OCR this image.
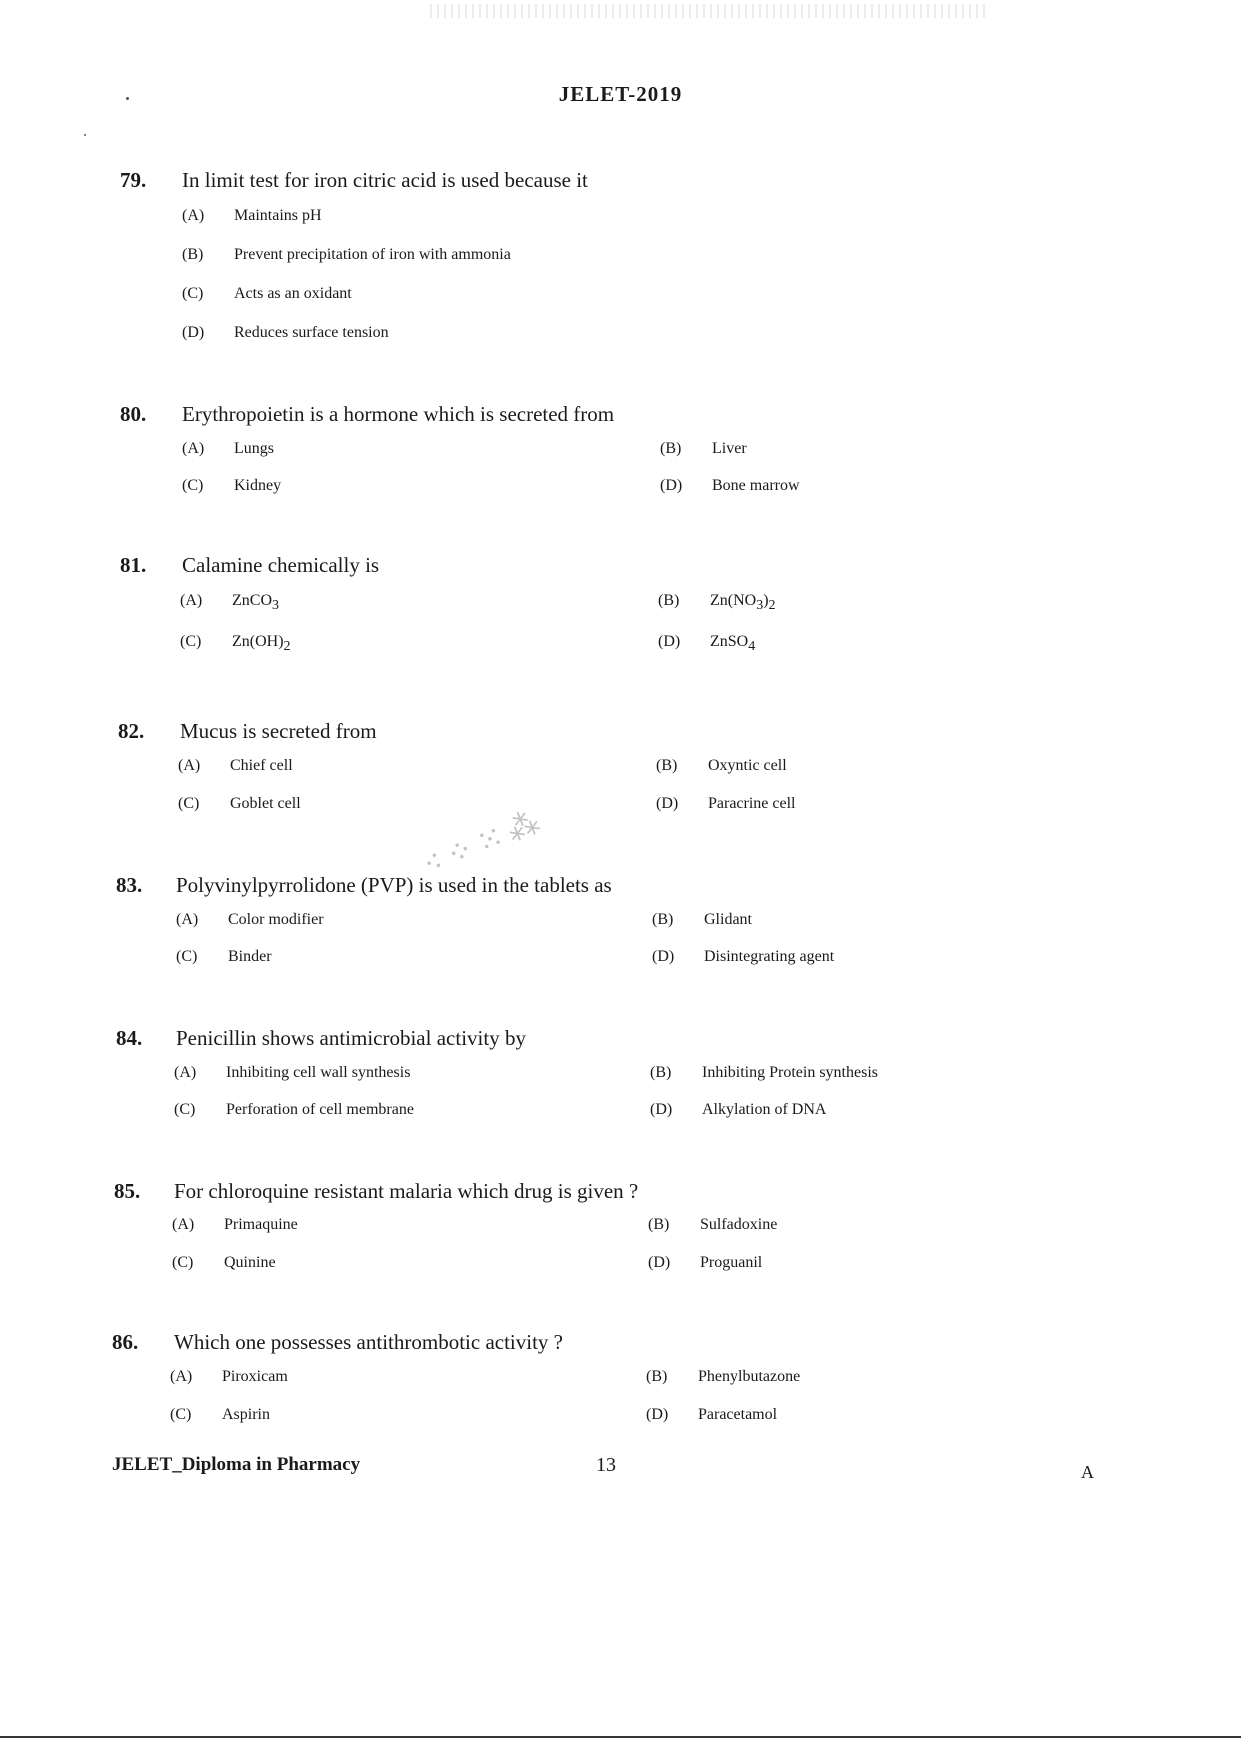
JELET-2019
79. In limit test for iron citric acid is used because it
(A) Maintains pH
(B) Prevent precipitation of iron with ammonia
(C) Acts as an oxidant
(D) Reduces surface tension
80. Erythropoietin is a hormone which is secreted from
(A) Lungs	(B) Liver
(C) Kidney	(D) Bone marrow
81. Calamine chemically is
(A) ZnCO$_3$	(B) $Zn(NO_3)_2$
(C) $Zn(OH)_2$	(D) ZnSO$_4$
82. Mucus is secreted from
(A) Chief cell	(B) Oxyntic cell
(C) Goblet cell	(D) Paracrine cell
⁖⁘⁙⁂
83. Polyvinylpyrrolidone (PVP) is used in the tablets as
(A) Color modifier	(B) Glidant
(C) Binder	(D) Disintegrating agent
84. Penicillin shows antimicrobial activity by
(A) Inhibiting cell wall synthesis	(B) Inhibiting Protein synthesis
(C) Perforation of cell membrane	(D) Alkylation of DNA
85. For chloroquine resistant malaria which drug is given ?
(A) Primaquine	(B) Sulfadoxine
(C) Quinine	(D) Proguanil
86. Which one possesses antithrombotic activity ?
(A) Piroxicam	(B) Phenylbutazone
(C) Aspirin	(D) Paracetamol
JELET_Diploma in Pharmacy	13	A
